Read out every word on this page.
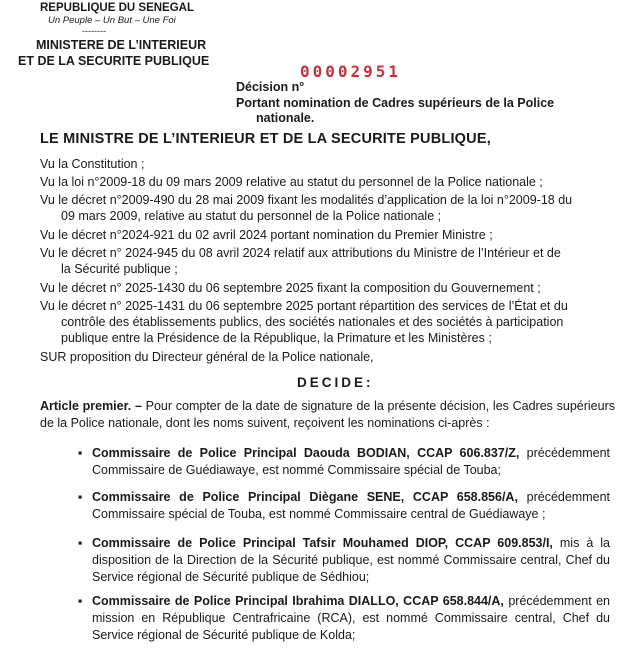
REPUBLIQUE DU SENEGAL
Un Peuple – Un But – Une Foi
--------
MINISTERE DE L’INTERIEUR
ET DE LA SECURITE PUBLIQUE
00002951
Décision n°
Portant nomination de Cadres supérieurs de la Police
nationale.
LE MINISTRE DE L’INTERIEUR ET DE LA SECURITE PUBLIQUE,
Vu la Constitution ;
Vu la loi n°2009-18 du 09 mars 2009 relative au statut du personnel de la Police nationale ;
Vu le décret n°2009-490 du 28 mai 2009 fixant les modalités d’application de la loi n°2009-18 du
09 mars 2009, relative au statut du personnel de la Police nationale ;
Vu le décret n°2024-921 du 02 avril 2024 portant nomination du Premier Ministre ;
Vu le décret n° 2024-945 du 08 avril 2024 relatif aux attributions du Ministre de l’Intérieur et de
la Sécurité publique ;
Vu le décret n° 2025-1430 du 06 septembre 2025 fixant la composition du Gouvernement ;
Vu le décret n° 2025-1431 du 06 septembre 2025 portant répartition des services de l’État et du
contrôle des établissements publics, des sociétés nationales et des sociétés à participation
publique entre la Présidence de la République, la Primature et les Ministères ;
SUR proposition du Directeur général de la Police nationale,
DECIDE:
Article premier. – Pour compter de la date de signature de la présente décision, les Cadres supérieurs de la Police nationale, dont les noms suivent, reçoivent les nominations ci-après :
▪ Commissaire de Police Principal Daouda BODIAN, CCAP 606.837/Z, précédemment Commissaire de Guédiawaye, est nommé Commissaire spécial de Touba;
▪ Commissaire de Police Principal Diègane SENE, CCAP 658.856/A, précédemment Commissaire spécial de Touba, est nommé Commissaire central de Guédiawaye ;
▪ Commissaire de Police Principal Tafsir Mouhamed DIOP, CCAP 609.853/I, mis à la disposition de la Direction de la Sécurité publique, est nommé Commissaire central, Chef du Service régional de Sécurité publique de Sédhiou;
▪ Commissaire de Police Principal Ibrahima DIALLO, CCAP 658.844/A, précédemment en mission en République Centrafricaine (RCA), est nommé Commissaire central, Chef du Service régional de Sécurité publique de Kolda;
